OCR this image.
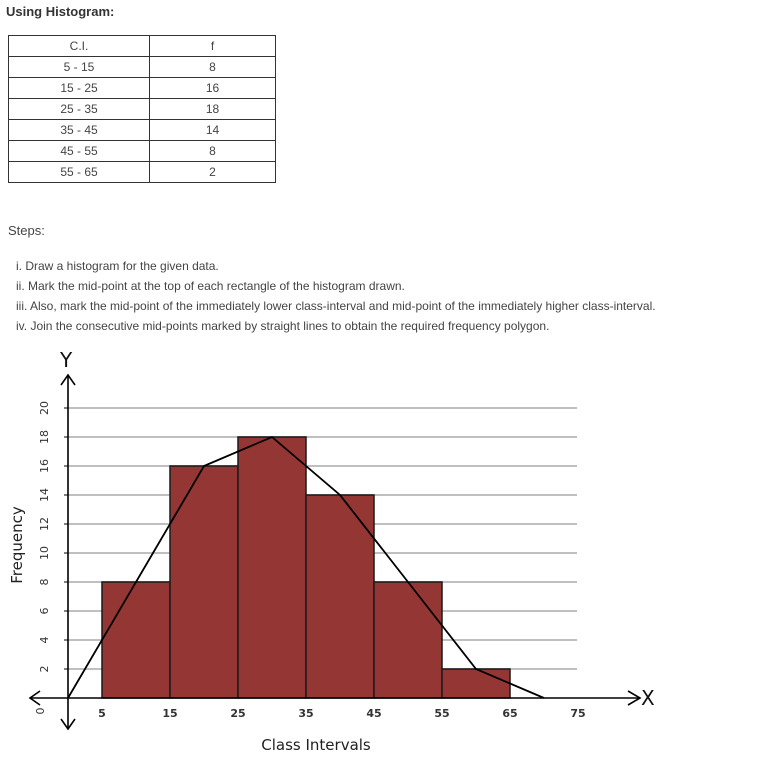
Using Histogram:
C.I.	f
5 - 15	8
15 - 25	16
25 - 35	18
35 - 45	14
45 - 55	8
55 - 65	2
Steps:
i. Draw a histogram for the given data.
ii. Mark the mid-point at the top of each rectangle of the histogram drawn.
iii. Also, mark the mid-point of the immediately lower class-interval and mid-point of the immediately higher class-interval.
iv. Join the consecutive mid-points marked by straight lines to obtain the required frequency polygon.
X
Y
0
Class Intervals
Frequency
2
4
6
8
10
12
14
16
18
20
5	15	25	35	45	55	65	75
